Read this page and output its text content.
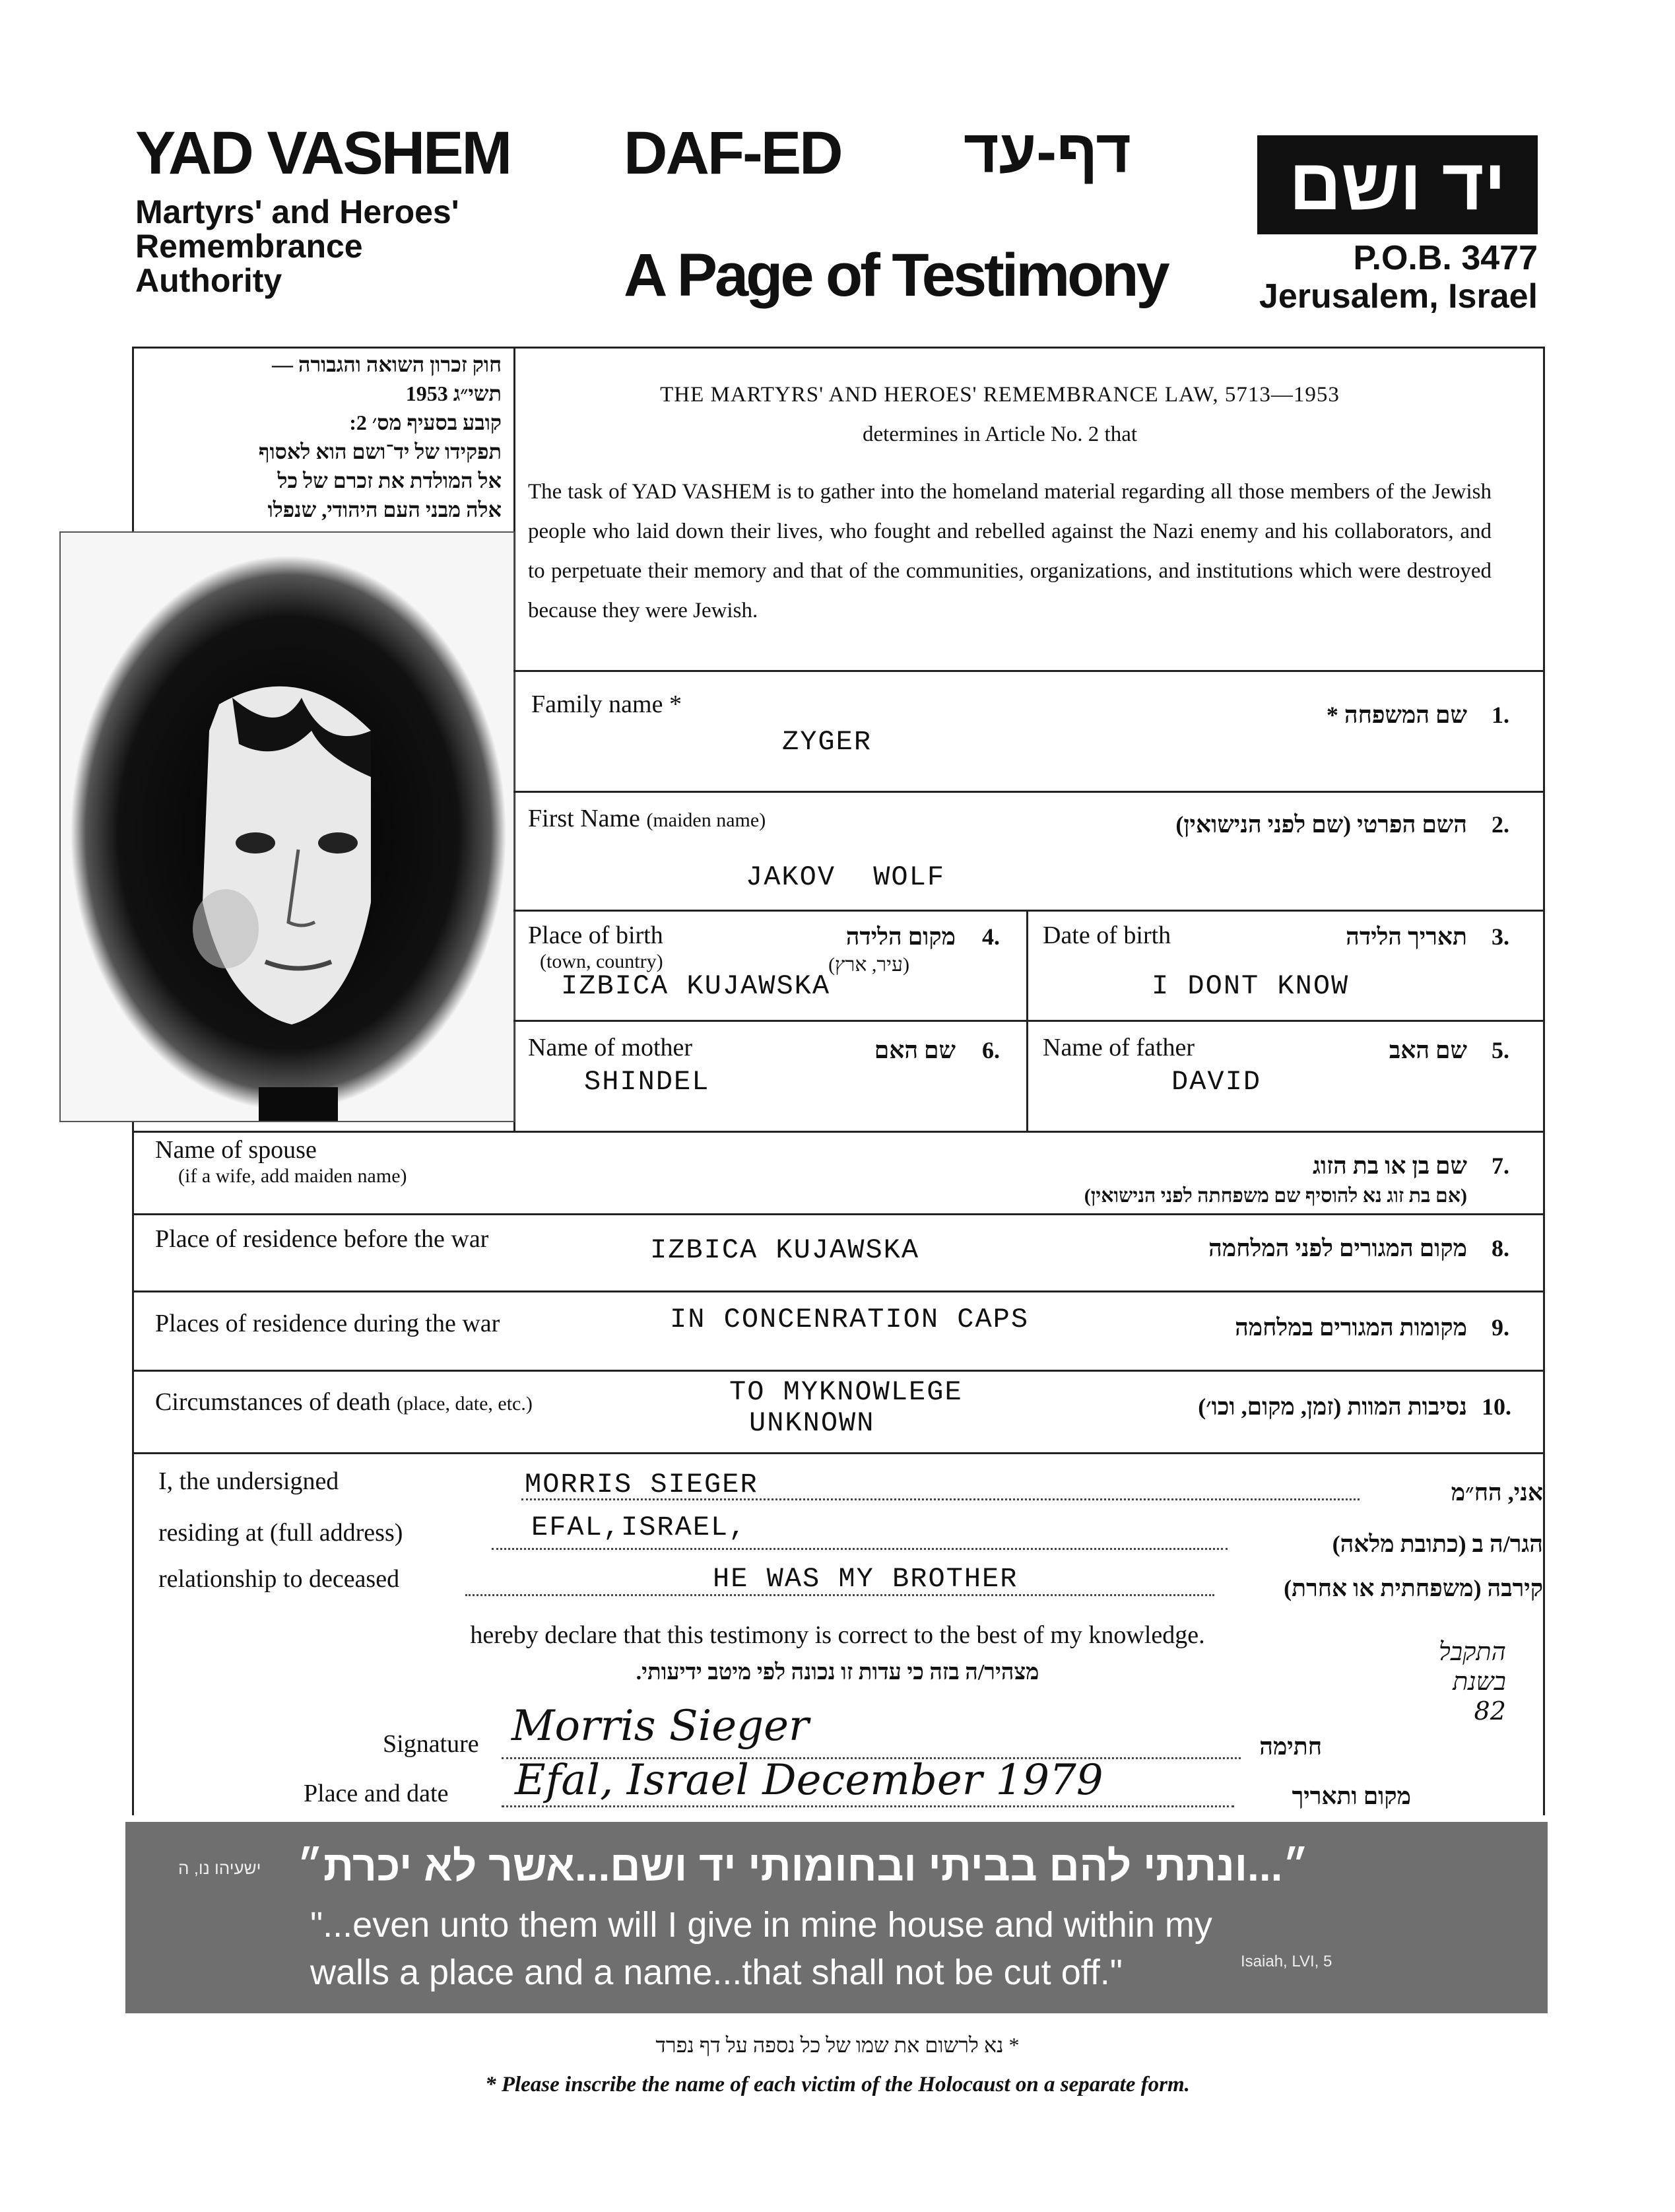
YAD VASHEM
Martyrs' and Heroes'
Remembrance
Authority
DAF-ED דף-עד
A Page of Testimony
יד ושם
P.O.B. 3477
Jerusalem, Israel
חוק זכרון השואה והגבורה —
תשי״ג 1953
קובע בסעיף מס׳ 2:
תפקידו של יד־ושם הוא לאסוף
אל המולדת את זכרם של כל
אלה מבני העם היהודי, שנפלו
THE MARTYRS' AND HEROES' REMEMBRANCE LAW, 5713—1953
determines in Article No. 2 that
The task of YAD VASHEM is to gather into the homeland material regarding all those members of the Jewish people who laid down their lives, who fought and rebelled against the Nazi enemy and his collaborators, and to perpetuate their memory and that of the communities, organizations, and institutions which were destroyed because they were Jewish.
Family name *	שם המשפחה * 1.
ZYGER
First Name (maiden name)	השם הפרטי (שם לפני הנישואין) 2.
JAKOV WOLF
Place of birth
(town, country)
מקום הלידה 4.
(עיר, ארץ)
IZBICA KUJAWSKA
Date of birth	תאריך הלידה 3.
I DONT KNOW
Name of mother	שם האם 6.
SHINDEL
Name of father	שם האב 5.
DAVID
Name of spouse
(if a wife, add maiden name)	שם בן או בת הזוג 7.
(אם בת זוג נא להוסיף שם משפחתה לפני הנישואין)
Place of residence before the war	IZBICA KUJAWSKA	מקום המגורים לפני המלחמה 8.
Places of residence during the war	IN CONCENRATION CAPS	מקומות המגורים במלחמה 9.
Circumstances of death (place, date, etc.)	TO MYKNOWLEGE
UNKNOWN
נסיבות המוות (זמן, מקום, וכו׳) 10.
I, the undersigned	MORRIS SIEGER	אני, הח״מ
residing at (full address)	EFAL,ISRAEL,
הגר/ה ב (כתובת מלאה)
relationship to deceased	HE WAS MY BROTHER	קירבה (משפחתית או אחרת)
hereby declare that this testimony is correct to the best of my knowledge.
מצהיר/ה בזה כי עדות זו נכונה לפי מיטב ידיעותי.
Signature Morris Sieger	חתימה
Place and date Efal, Israel December 1979	מקום ותאריך
התקבל
בשנת
82
ישעיהו נו, ה ״...ונתתי להם בביתי ובחומותי יד ושם...אשר לא יכרת״
"...even unto them will I give in mine house and within my
walls a place and a name...that shall not be cut off."	Isaiah, LVI, 5
* נא לרשום את שמו של כל נספה על דף נפרד
* Please inscribe the name of each victim of the Holocaust on a separate form.
